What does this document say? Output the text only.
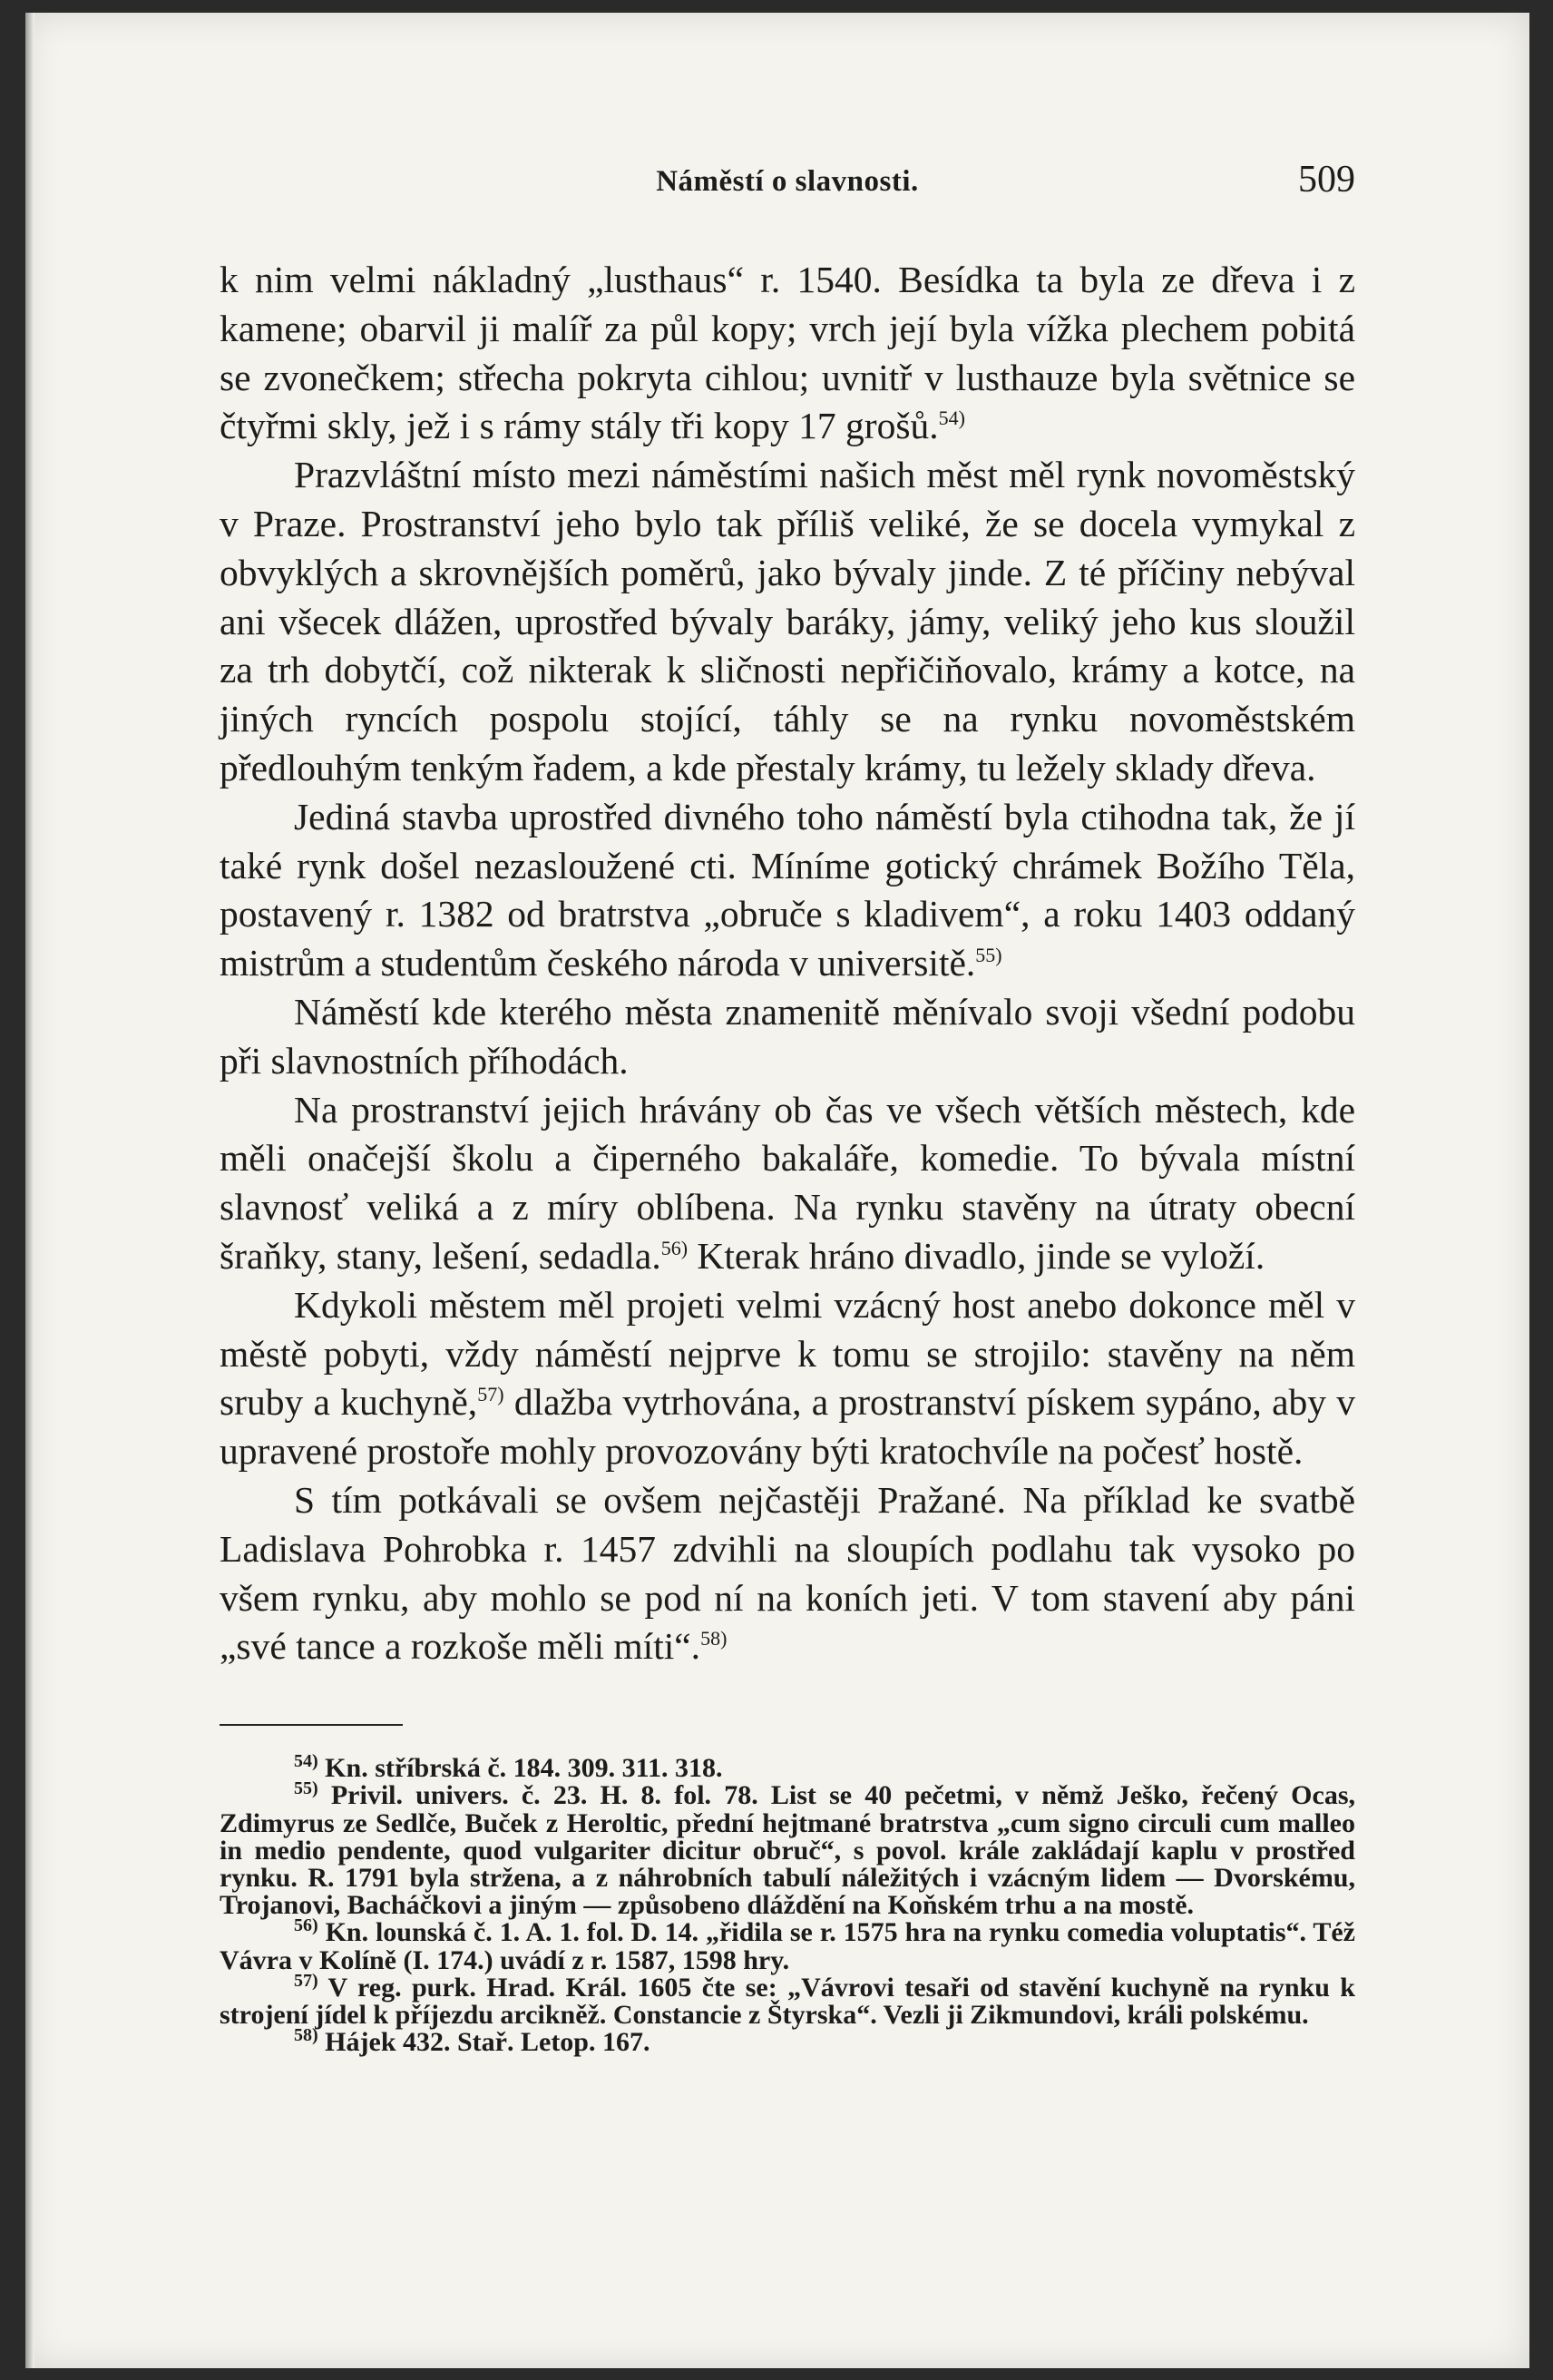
Náměstí o slavnosti.	509

k nim velmi nákladný „lusthaus“ r. 1540. Besídka ta byla ze dřeva i z kamene; obarvil ji malíř za půl kopy; vrch její byla vížka plechem pobitá se zvonečkem; střecha pokryta cihlou; uvnitř v lusthauze byla světnice se čtyřmi skly, jež i s rámy stály tři kopy 17 grošů.$^{54)}$

Prazvláštní místo mezi náměstími našich měst měl rynk novoměstský v Praze. Prostranství jeho bylo tak příliš veliké, že se docela vymykal z obvyklých a skrovnějších poměrů, jako bývaly jinde. Z té příčiny nebýval ani všecek dlážen, uprostřed bývaly baráky, jámy, veliký jeho kus sloužil za trh dobytčí, což nikterak k sličnosti nepřičiňovalo, krámy a kotce, na jiných ryncích pospolu stojící, táhly se na rynku novoměstském předlouhým tenkým řadem, a kde přestaly krámy, tu ležely sklady dřeva.

Jediná stavba uprostřed divného toho náměstí byla ctihodna tak, že jí také rynk došel nezasloužené cti. Míníme gotický chrámek Božího Těla, postavený r. 1382 od bratrstva „obruče s kladivem“, a roku 1403 oddaný mistrům a studentům českého národa v universitě.$^{55)}$

Náměstí kde kterého města znamenitě měnívalo svoji všední podobu při slavnostních příhodách.

Na prostranství jejich hrávány ob čas ve všech větších městech, kde měli onačejší školu a čiperného bakaláře, komedie. To bývala místní slavnosť veliká a z míry oblíbena. Na rynku stavěny na útraty obecní šraňky, stany, lešení, sedadla.$^{56)}$ Kterak hráno divadlo, jinde se vyloží.

Kdykoli městem měl projeti velmi vzácný host anebo dokonce měl v městě pobyti, vždy náměstí nejprve k tomu se strojilo: stavěny na něm sruby a kuchyně,$^{57)}$ dlažba vytrhována, a prostranství pískem sypáno, aby v upravené prostoře mohly provozovány býti kratochvíle na počesť hostě.

S tím potkávali se ovšem nejčastěji Pražané. Na příklad ke svatbě Ladislava Pohrobka r. 1457 zdvihli na sloupích podlahu tak vysoko po všem rynku, aby mohlo se pod ní na koních jeti. V tom stavení aby páni „své tance a rozkoše měli míti“.$^{58)}$

$^{54)}$ Kn. stříbrská č. 184. 309. 311. 318.

$^{55)}$ Privil. univers. č. 23. H. 8. fol. 78. List se 40 pečetmi, v němž Ješko, řečený Ocas, Zdimyrus ze Sedlče, Buček z Heroltic, přední hejtmané bratrstva „cum signo circuli cum malleo in medio pendente, quod vulgariter dicitur obruč“, s povol. krále zakládají kaplu v prostřed rynku. R. 1791 byla stržena, a z náhrobních tabulí náležitých i vzácným lidem — Dvorskému, Trojanovi, Bacháčkovi a jiným — způsobeno dláždění na Koňském trhu a na mostě.

$^{56)}$ Kn. lounská č. 1. A. 1. fol. D. 14. „řidila se r. 1575 hra na rynku comedia voluptatis“. Též Vávra v Kolíně (I. 174.) uvádí z r. 1587, 1598 hry.

$^{57)}$ V reg. purk. Hrad. Král. 1605 čte se: „Vávrovi tesaři od stavění kuchyně na rynku k strojení jídel k příjezdu arcikněž. Constancie z Štyrska“. Vezli ji Zikmundovi, králi polskému.

$^{58)}$ Hájek 432. Stař. Letop. 167.
